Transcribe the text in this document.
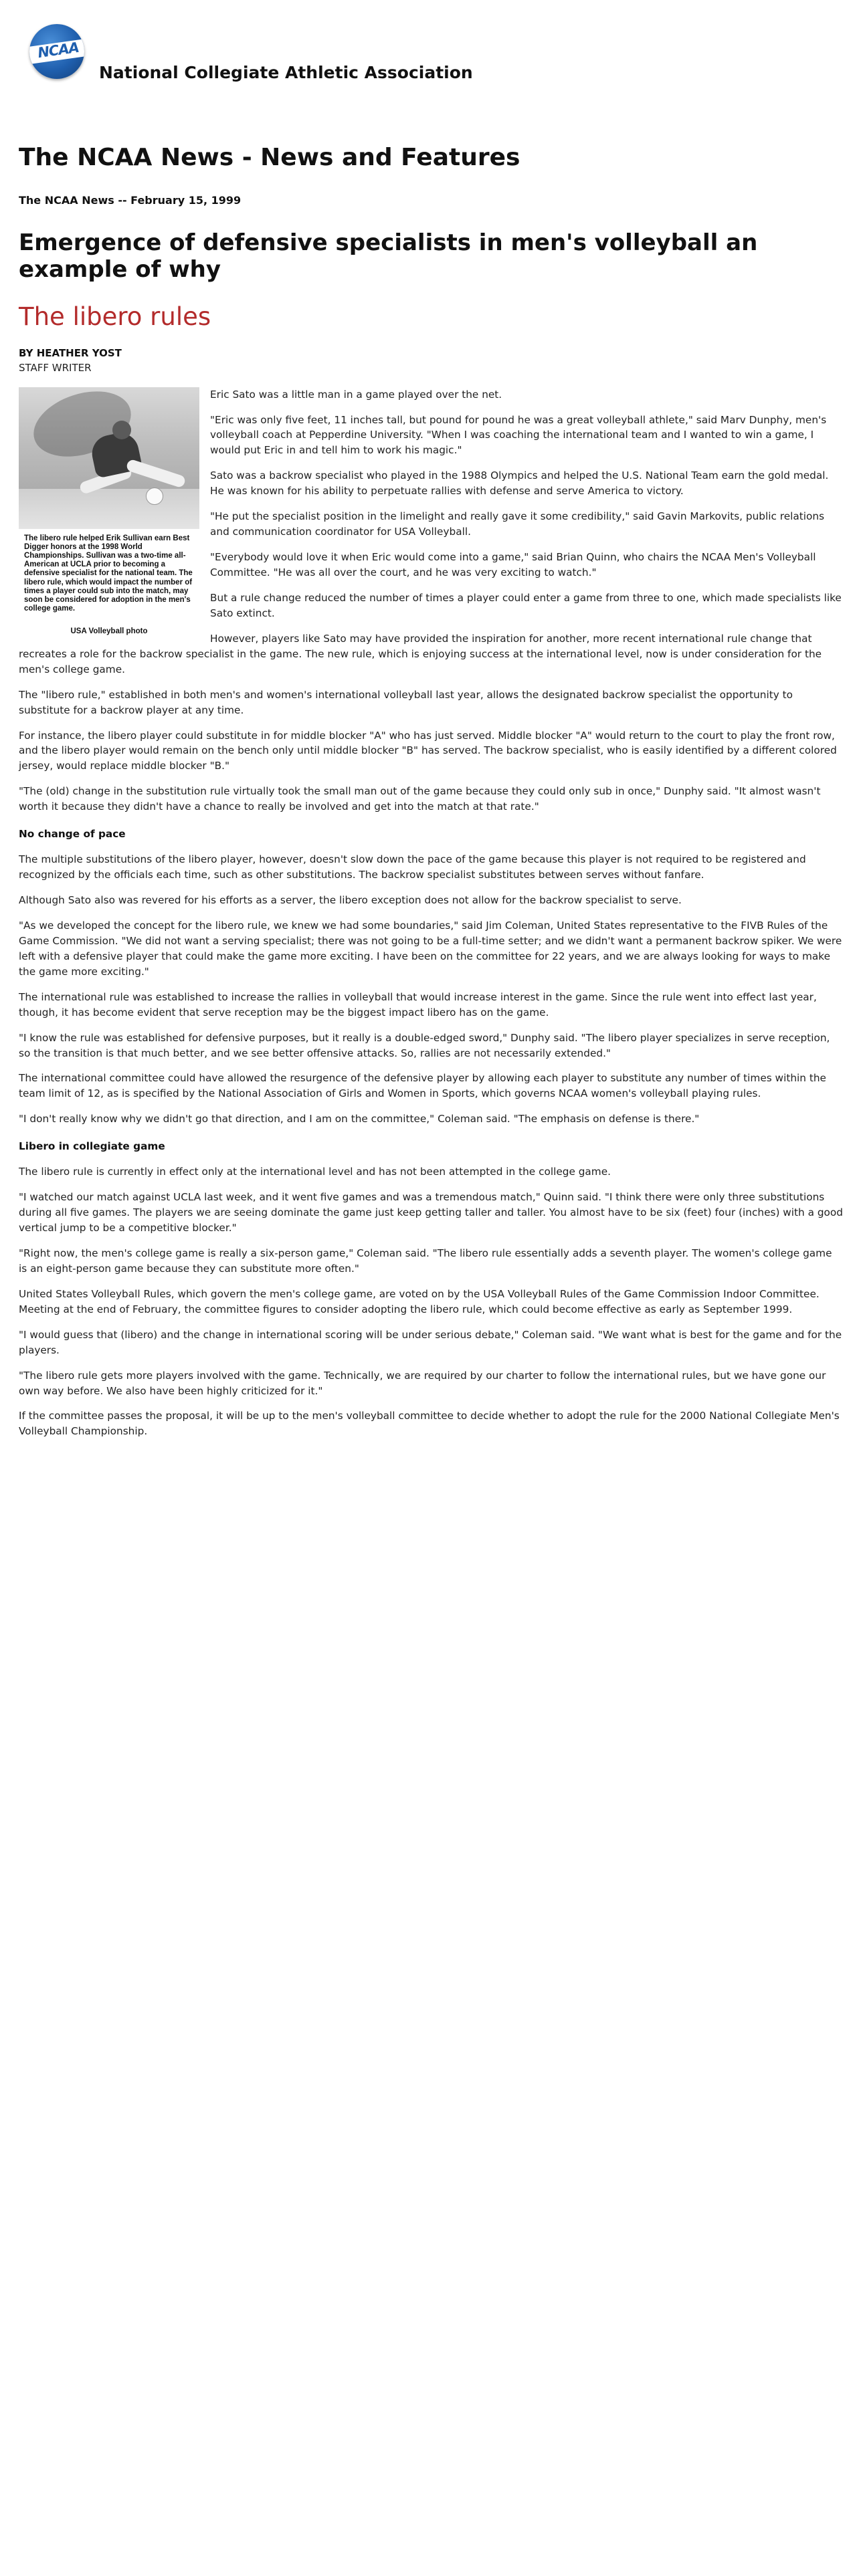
NCAA
National Collegiate Athletic Association
The NCAA News - News and Features
The NCAA News -- February 15, 1999
Emergence of defensive specialists in men's volleyball an example of why
The libero rules
BY HEATHER YOST
STAFF WRITER
The libero rule helped Erik Sullivan earn Best Digger honors at the 1998 World Championships. Sullivan was a two-time all-American at UCLA prior to becoming a defensive specialist for the national team. The libero rule, which would impact the number of times a player could sub into the match, may soon be considered for adoption in the men's college game.
USA Volleyball photo

Eric Sato was a little man in a game played over the net.

"Eric was only five feet, 11 inches tall, but pound for pound he was a great volleyball athlete," said Marv Dunphy, men's volleyball coach at Pepperdine University. "When I was coaching the international team and I wanted to win a game, I would put Eric in and tell him to work his magic."

Sato was a backrow specialist who played in the 1988 Olympics and helped the U.S. National Team earn the gold medal. He was known for his ability to perpetuate rallies with defense and serve America to victory.

"He put the specialist position in the limelight and really gave it some credibility," said Gavin Markovits, public relations and communication coordinator for USA Volleyball.

"Everybody would love it when Eric would come into a game," said Brian Quinn, who chairs the NCAA Men's Volleyball Committee. "He was all over the court, and he was very exciting to watch."

But a rule change reduced the number of times a player could enter a game from three to one, which made specialists like Sato extinct.

However, players like Sato may have provided the inspiration for another, more recent international rule change that recreates a role for the backrow specialist in the game. The new rule, which is enjoying success at the international level, now is under consideration for the men's college game.

The "libero rule," established in both men's and women's international volleyball last year, allows the designated backrow specialist the opportunity to substitute for a backrow player at any time.

For instance, the libero player could substitute in for middle blocker "A" who has just served. Middle blocker "A" would return to the court to play the front row, and the libero player would remain on the bench only until middle blocker "B" has served. The backrow specialist, who is easily identified by a different colored jersey, would replace middle blocker "B."

"The (old) change in the substitution rule virtually took the small man out of the game because they could only sub in once," Dunphy said. "It almost wasn't worth it because they didn't have a chance to really be involved and get into the match at that rate."

No change of pace

The multiple substitutions of the libero player, however, doesn't slow down the pace of the game because this player is not required to be registered and recognized by the officials each time, such as other substitutions. The backrow specialist substitutes between serves without fanfare.

Although Sato also was revered for his efforts as a server, the libero exception does not allow for the backrow specialist to serve.

"As we developed the concept for the libero rule, we knew we had some boundaries," said Jim Coleman, United States representative to the FIVB Rules of the Game Commission. "We did not want a serving specialist; there was not going to be a full-time setter; and we didn't want a permanent backrow spiker. We were left with a defensive player that could make the game more exciting. I have been on the committee for 22 years, and we are always looking for ways to make the game more exciting."

The international rule was established to increase the rallies in volleyball that would increase interest in the game. Since the rule went into effect last year, though, it has become evident that serve reception may be the biggest impact libero has on the game.

"I know the rule was established for defensive purposes, but it really is a double-edged sword," Dunphy said. "The libero player specializes in serve reception, so the transition is that much better, and we see better offensive attacks. So, rallies are not necessarily extended."

The international committee could have allowed the resurgence of the defensive player by allowing each player to substitute any number of times within the team limit of 12, as is specified by the National Association of Girls and Women in Sports, which governs NCAA women's volleyball playing rules.

"I don't really know why we didn't go that direction, and I am on the committee," Coleman said. "The emphasis on defense is there."

Libero in collegiate game

The libero rule is currently in effect only at the international level and has not been attempted in the college game.

"I watched our match against UCLA last week, and it went five games and was a tremendous match," Quinn said. "I think there were only three substitutions during all five games. The players we are seeing dominate the game just keep getting taller and taller. You almost have to be six (feet) four (inches) with a good vertical jump to be a competitive blocker."

"Right now, the men's college game is really a six-person game," Coleman said. "The libero rule essentially adds a seventh player. The women's college game is an eight-person game because they can substitute more often."

United States Volleyball Rules, which govern the men's college game, are voted on by the USA Volleyball Rules of the Game Commission Indoor Committee. Meeting at the end of February, the committee figures to consider adopting the libero rule, which could become effective as early as September 1999.

"I would guess that (libero) and the change in international scoring will be under serious debate," Coleman said. "We want what is best for the game and for the players.

"The libero rule gets more players involved with the game. Technically, we are required by our charter to follow the international rules, but we have gone our own way before. We also have been highly criticized for it."

If the committee passes the proposal, it will be up to the men's volleyball committee to decide whether to adopt the rule for the 2000 National Collegiate Men's Volleyball Championship.
